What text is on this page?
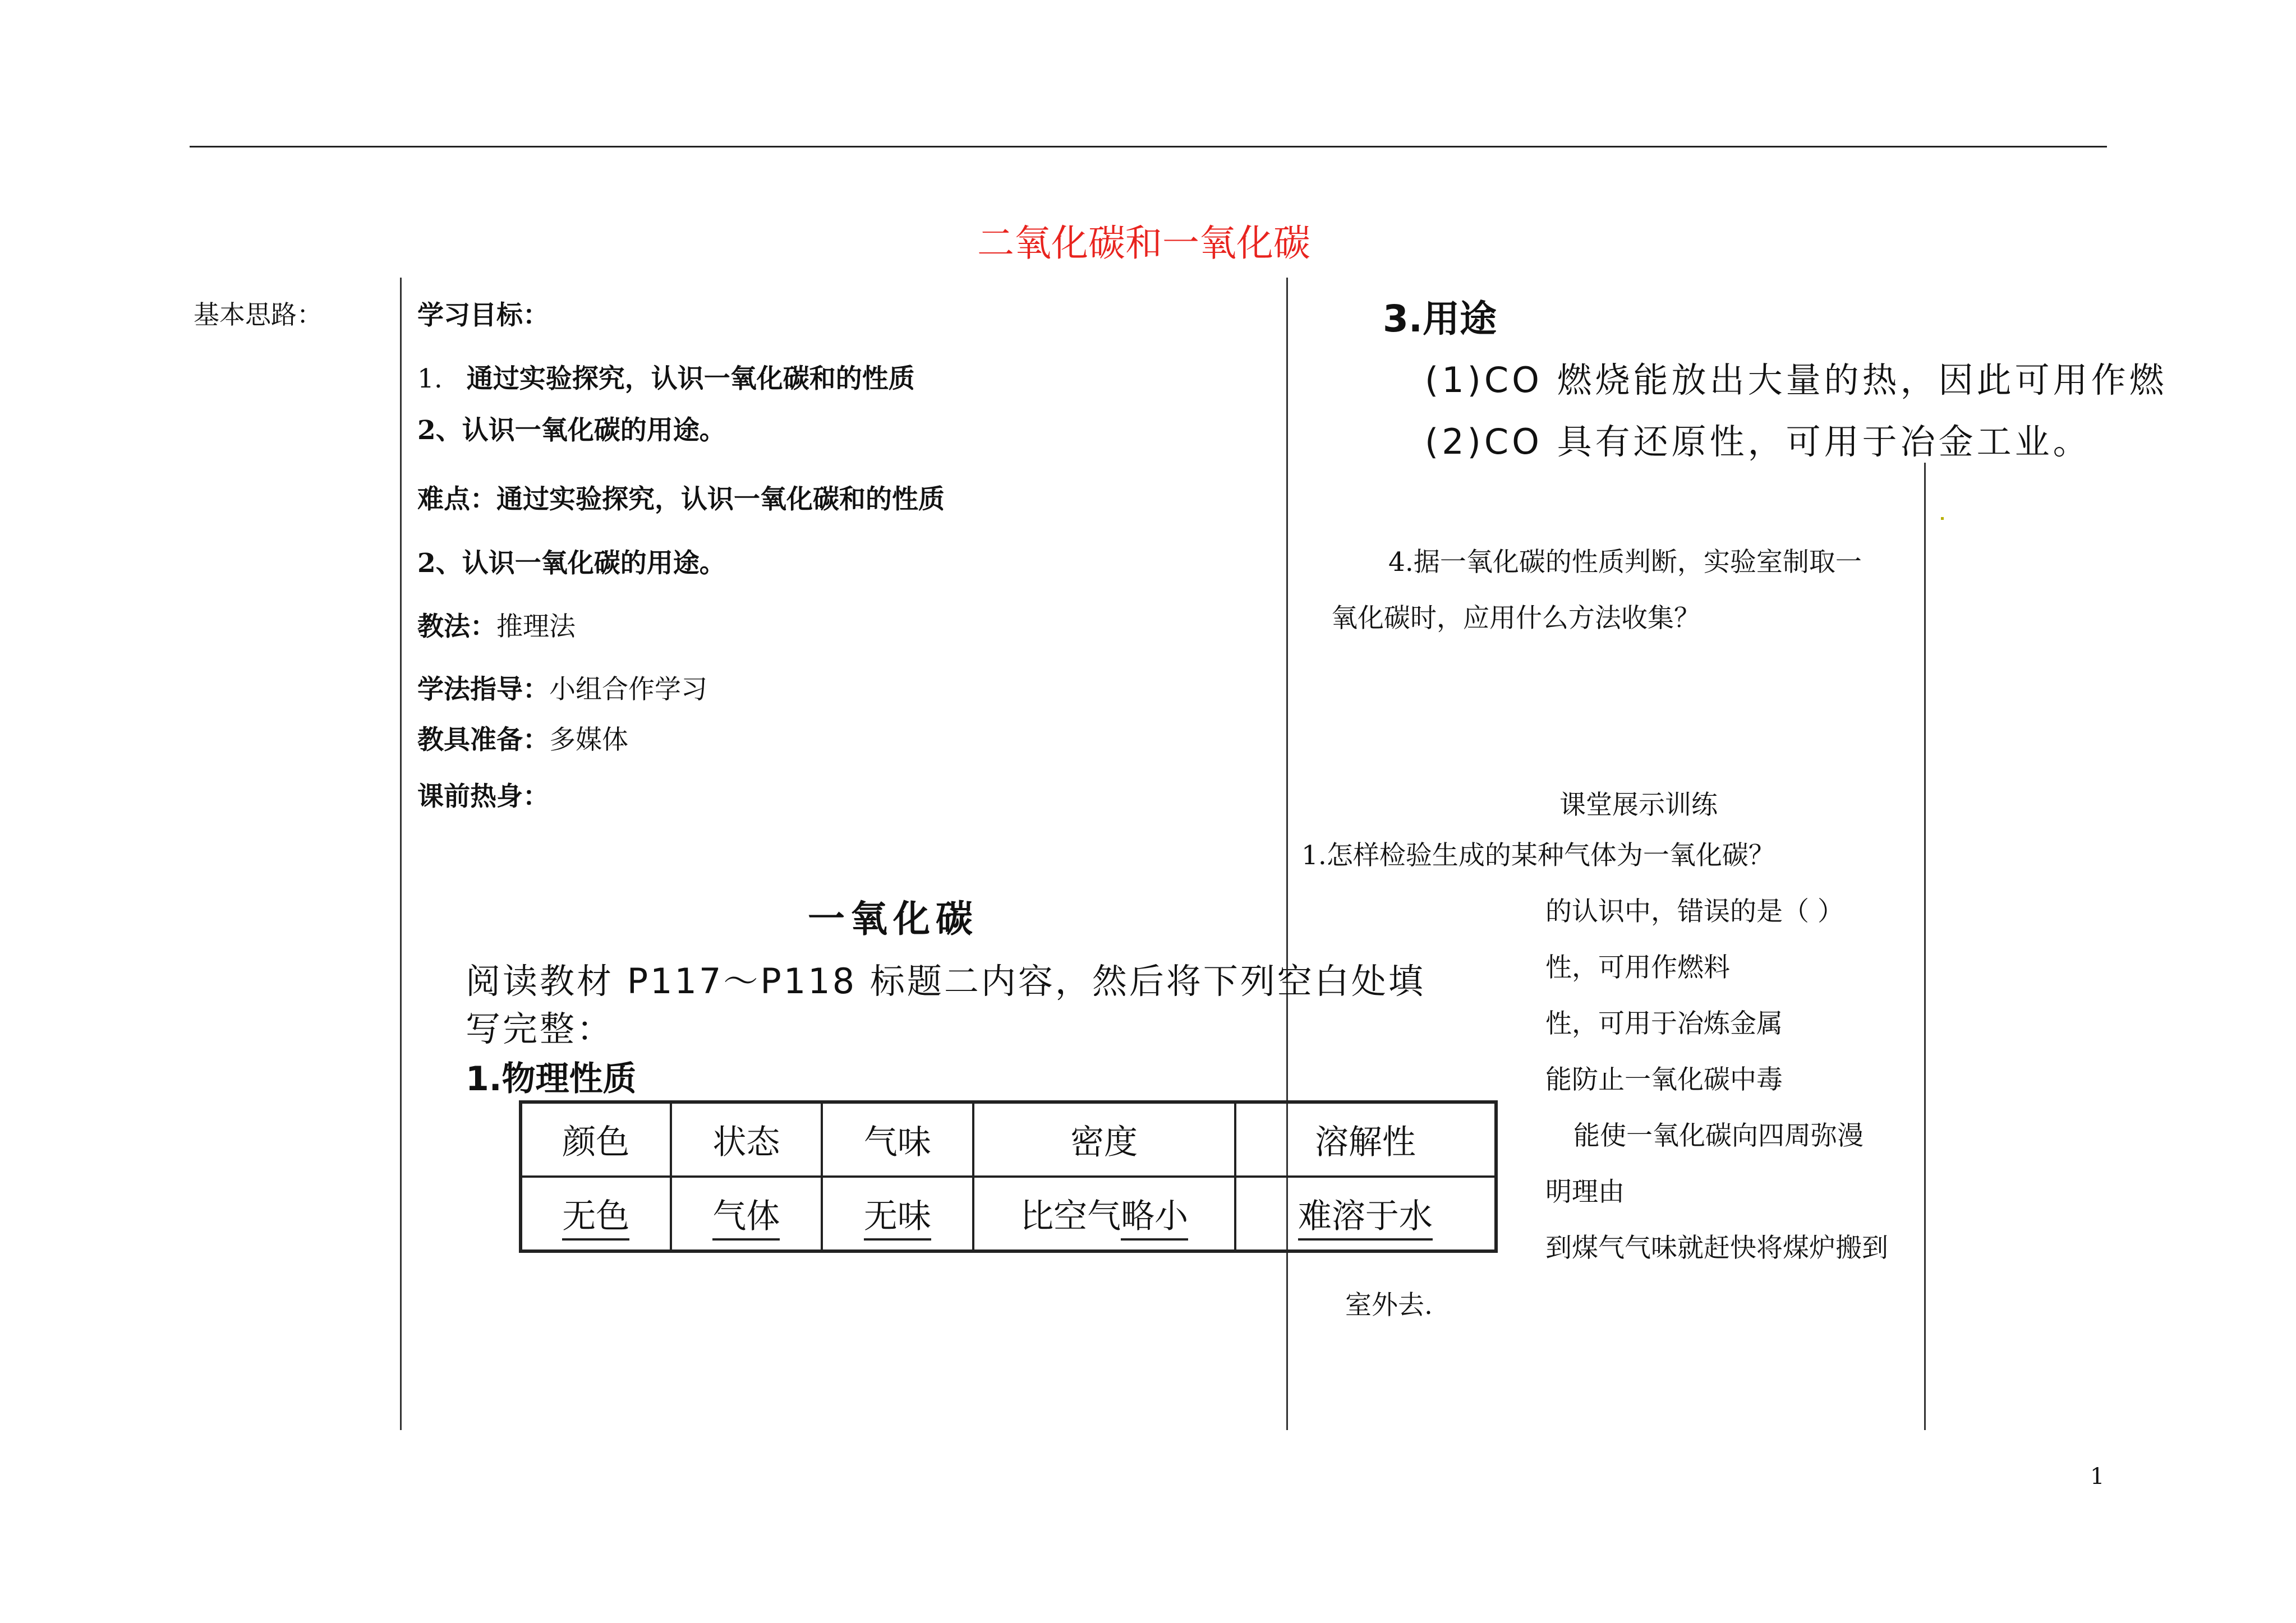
二氧化碳和一氧化碳
基本思路：	学习目标：
1. 通过实验探究，认识一氧化碳和的性质
2、认识一氧化碳的用途。
难点：通过实验探究，认识一氧化碳和的性质
2、认识一氧化碳的用途。
教法：推理法
学法指导：小组合作学习
教具准备：多媒体
课前热身：
一氧化碳
阅读教材 P117～P118 标题二内容，然后将下列空白处填
写完整：
1.物理性质
颜色	状态	气味	密度	溶解性
无色	气体	无味	比空气略小	难溶于水
3.用途
(1)CO 燃烧能放出大量的热，因此可用作燃
(2)CO 具有还原性，可用于冶金工业。
4.据一氧化碳的性质判断，实验室制取一
氧化碳时，应用什么方法收集？
课堂展示训练
1.怎样检验生成的某种气体为一氧化碳？
的认识中，错误的是（ ）
性，可用作燃料
性，可用于冶炼金属
能防止一氧化碳中毒
能使一氧化碳向四周弥漫
明理由
到煤气气味就赶快将煤炉搬到
室外去.
1
